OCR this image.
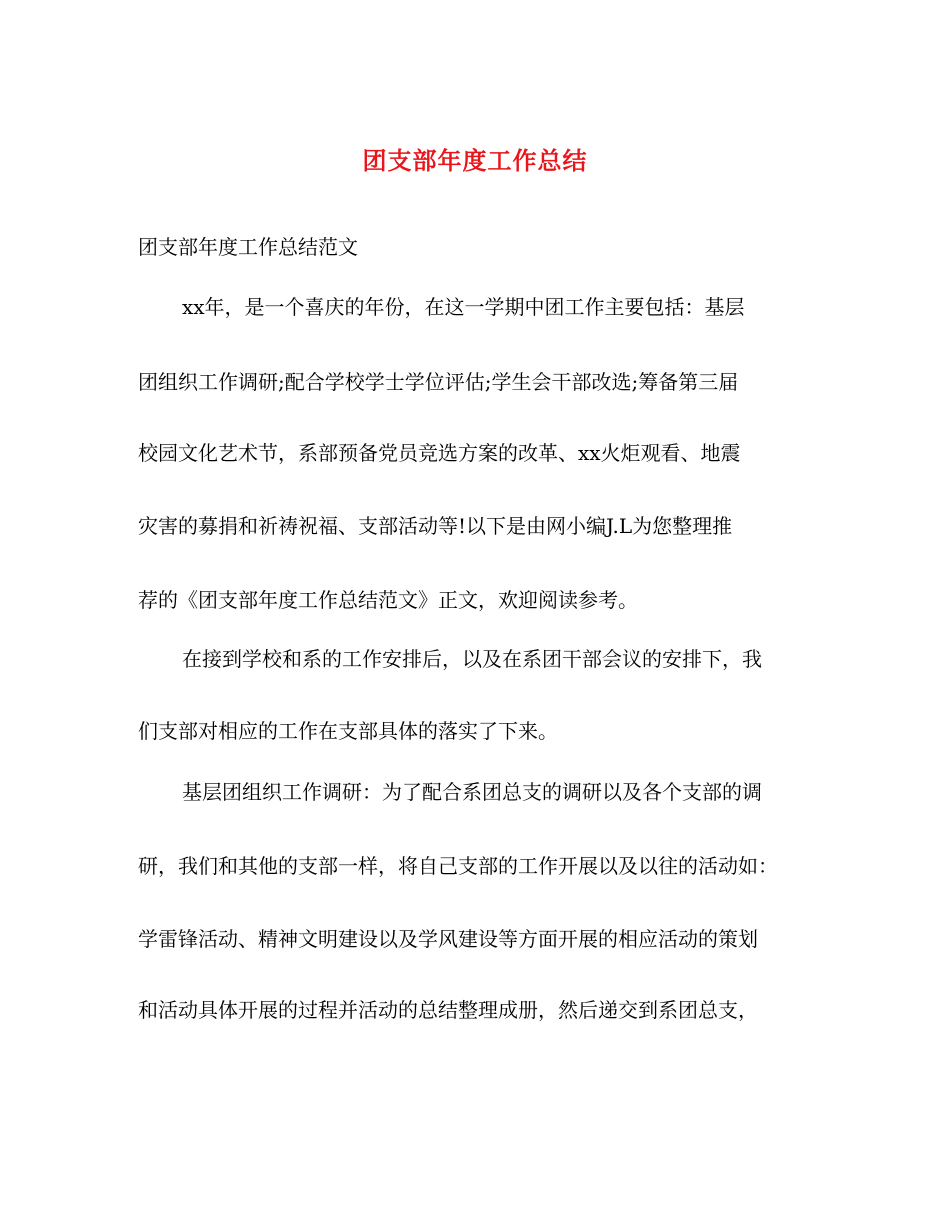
团支部年度工作总结
团支部年度工作总结范文
xx年，是一个喜庆的年份，在这一学期中团工作主要包括：基层
团组织工作调研;配合学校学士学位评估;学生会干部改选;筹备第三届
校园文化艺术节，系部预备党员竞选方案的改革、xx火炬观看、地震
灾害的募捐和祈祷祝福、支部活动等!以下是由网小编J.L为您整理推
荐的《团支部年度工作总结范文》正文，欢迎阅读参考。
在接到学校和系的工作安排后，以及在系团干部会议的安排下，我
们支部对相应的工作在支部具体的落实了下来。
基层团组织工作调研：为了配合系团总支的调研以及各个支部的调
研，我们和其他的支部一样，将自己支部的工作开展以及以往的活动如：
学雷锋活动、精神文明建设以及学风建设等方面开展的相应活动的策划
和活动具体开展的过程并活动的总结整理成册，然后递交到系团总支，
